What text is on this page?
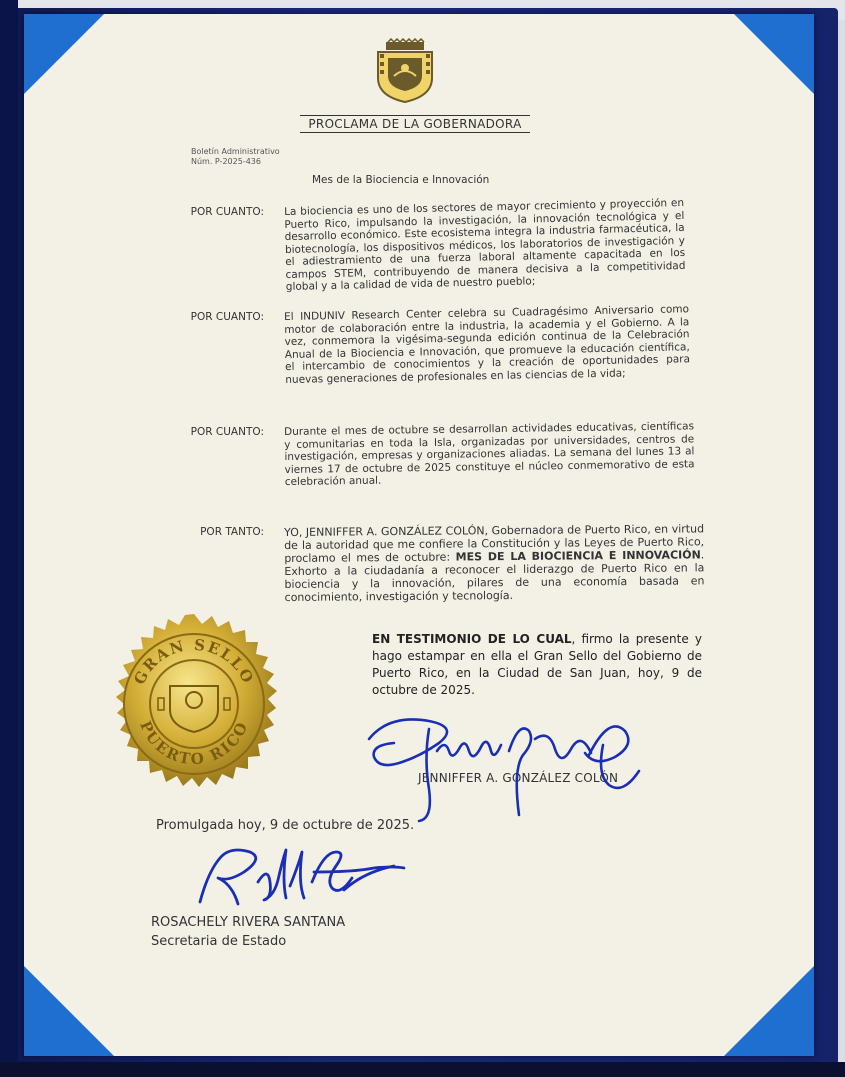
PROCLAMA DE LA GOBERNADORA
Boletín Administrativo
Núm. P-2025-436
Mes de la Biociencia e Innovación
POR CUANTO: La biociencia es uno de los sectores de mayor crecimiento y proyección en Puerto Rico, impulsando la investigación, la innovación tecnológica y el desarrollo económico. Este ecosistema integra la industria farmacéutica, la biotecnología, los dispositivos médicos, los laboratorios de investigación y el adiestramiento de una fuerza laboral altamente capacitada en los campos STEM, contribuyendo de manera decisiva a la competitividad global y a la calidad de vida de nuestro pueblo;
POR CUANTO: El INDUNIV Research Center celebra su Cuadragésimo Aniversario como motor de colaboración entre la industria, la academia y el Gobierno. A la vez, conmemora la vigésima-segunda edición continua de la Celebración Anual de la Biociencia e Innovación, que promueve la educación científica, el intercambio de conocimientos y la creación de oportunidades para nuevas generaciones de profesionales en las ciencias de la vida;
POR CUANTO: Durante el mes de octubre se desarrollan actividades educativas, científicas y comunitarias en toda la Isla, organizadas por universidades, centros de investigación, empresas y organizaciones aliadas. La semana del lunes 13 al viernes 17 de octubre de 2025 constituye el núcleo conmemorativo de esta celebración anual.
POR TANTO: YO, JENNIFFER A. GONZÁLEZ COLÓN, Gobernadora de Puerto Rico, en virtud de la autoridad que me confiere la Constitución y las Leyes de Puerto Rico, proclamo el mes de octubre: MES DE LA BIOCIENCIA E INNOVACIÓN. Exhorto a la ciudadanía a reconocer el liderazgo de Puerto Rico en la biociencia y la innovación, pilares de una economía basada en conocimiento, investigación y tecnología.
GRAN SELLO
PUERTO RICO
EN TESTIMONIO DE LO CUAL, firmo la presente y hago estampar en ella el Gran Sello del Gobierno de Puerto Rico, en la Ciudad de San Juan, hoy, 9 de octubre de 2025.
JENNIFFER A. GONZÁLEZ COLÓN
Promulgada hoy, 9 de octubre de 2025.
ROSACHELY RIVERA SANTANA
Secretaria de Estado
